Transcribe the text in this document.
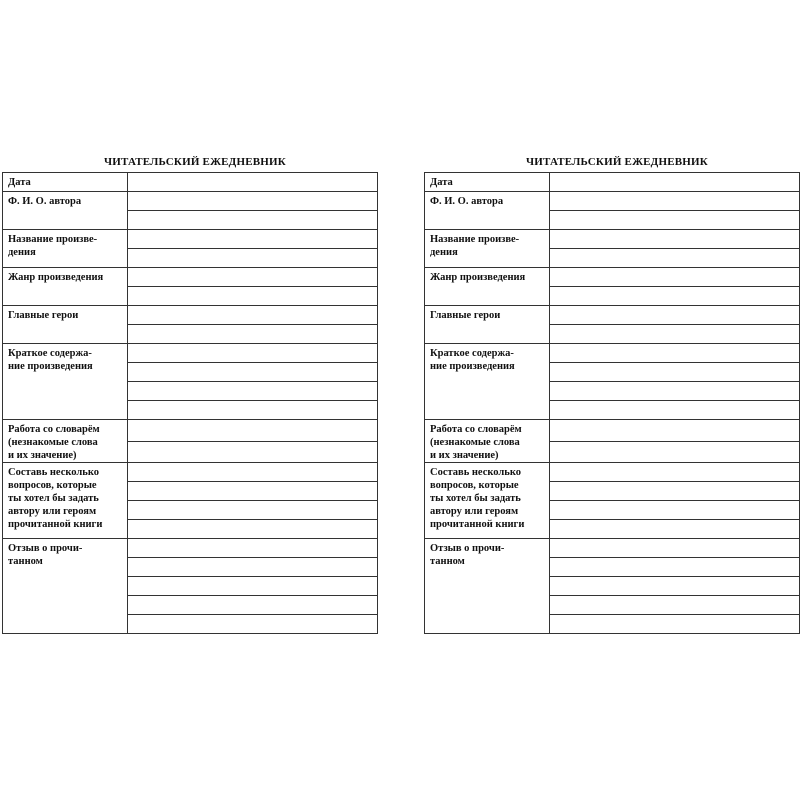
ЧИТАТЕЛЬСКИЙ ЕЖЕДНЕВНИК
Дата	

Ф. И. О. автора	

Название произве-
дения	

Жанр произведения	

Главные герои	

Краткое содержа-
ние произведения	

Работа со словарём
(незнакомые слова
и их значение)	

Составь несколько
вопросов, которые
ты хотел бы задать
автору или героям
прочитанной книги	

Отзыв о прочи-
танном	

ЧИТАТЕЛЬСКИЙ ЕЖЕДНЕВНИК
Дата	

Ф. И. О. автора	

Название произве-
дения	

Жанр произведения	

Главные герои	

Краткое содержа-
ние произведения	

Работа со словарём
(незнакомые слова
и их значение)	

Составь несколько
вопросов, которые
ты хотел бы задать
автору или героям
прочитанной книги	

Отзыв о прочи-
танном	
